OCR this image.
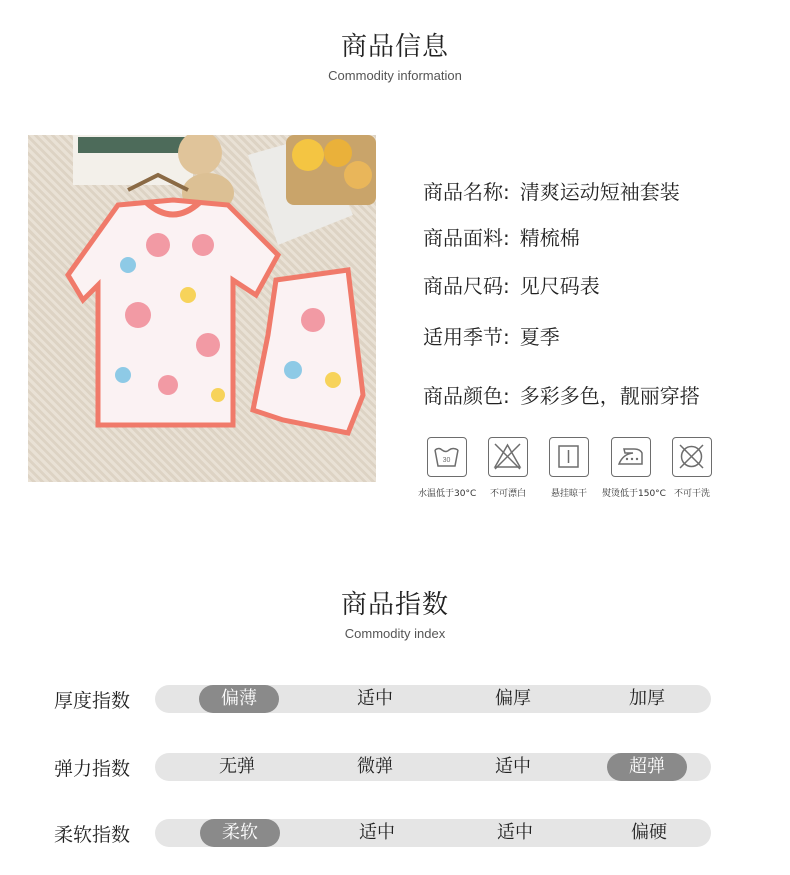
商品信息
Commodity information
商品名称: 清爽运动短袖套装
商品面料: 精梳棉
商品尺码: 见尺码表
适用季节: 夏季
商品颜色: 多彩多色，靓丽穿搭
30
水温低于30°C	不可漂白	悬挂晾干	熨烫低于150°C 不可干洗
商品指数
Commodity index
厚度指数	偏薄	适中	偏厚	加厚
弹力指数	无弹	微弹	适中	超弹
柔软指数	柔软	适中	适中	偏硬
